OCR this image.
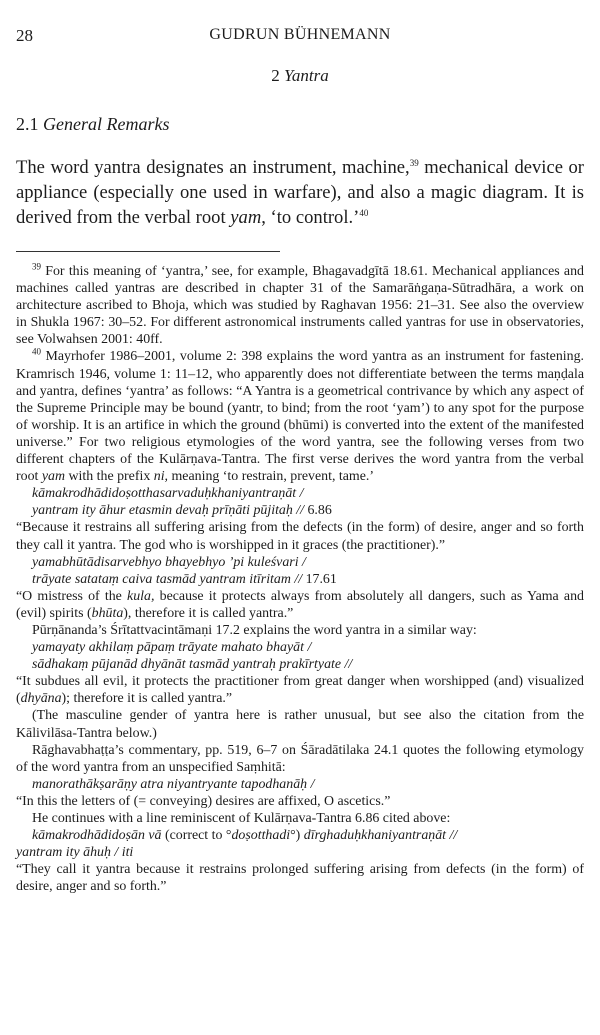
28	GUDRUN BÜHNEMANN
2 Yantra
2.1 General Remarks

The word yantra designates an instrument, machine,$^{39}$ mechanical device or appliance (especially one used in warfare), and also a magic diagram. It is derived from the verbal root yam, ‘to control.’$^{40}$

$^{39}$ For this meaning of ‘yantra,’ see, for example, Bhagavadgītā 18.61. Mechanical appliances and machines called yantras are described in chapter 31 of the Samarāṅgaṇa-Sūtradhāra, a work on architecture ascribed to Bhoja, which was studied by Raghavan 1956: 21–31. See also the overview in Shukla 1967: 30–52. For different astronomical instruments called yantras for use in observatories, see Volwahsen 2001: 40ff.

$^{40}$ Mayrhofer 1986–2001, volume 2: 398 explains the word yantra as an instrument for fastening. Kramrisch 1946, volume 1: 11–12, who apparently does not differentiate between the terms maṇḍala and yantra, defines ‘yantra’ as follows: “A Yantra is a geometrical contrivance by which any aspect of the Supreme Principle may be bound (yantr, to bind; from the root ‘yam’) to any spot for the purpose of worship. It is an artifice in which the ground (bhūmi) is converted into the extent of the manifested universe.” For two religious etymologies of the word yantra, see the following verses from two different chapters of the Kulārṇava-Tantra. The first verse derives the word yantra from the verbal root yam with the prefix ni, meaning ‘to restrain, prevent, tame.’

kāmakrodhādidoṣotthasarvaduḥkhaniyantraṇāt /
yantram ity āhur etasmin devaḥ prīṇāti pūjitaḥ // 6.86

“Because it restrains all suffering arising from the defects (in the form) of desire, anger and so forth they call it yantra. The god who is worshipped in it graces (the practitioner).”

yamabhūtādisarvebhyo bhayebhyo ’pi kuleśvari /
trāyate satataṃ caiva tasmād yantram itīritam // 17.61

“O mistress of the kula, because it protects always from absolutely all dangers, such as Yama and (evil) spirits (bhūta), therefore it is called yantra.”

Pūrṇānanda’s Śrītattvacintāmaṇi 17.2 explains the word yantra in a similar way:

yamayaty akhilaṃ pāpaṃ trāyate mahato bhayāt /
sādhakaṃ pūjanād dhyānāt tasmād yantraḥ prakīrtyate //

“It subdues all evil, it protects the practitioner from great danger when worshipped (and) visualized (dhyāna); therefore it is called yantra.”

(The masculine gender of yantra here is rather unusual, but see also the citation from the Kālivilāsa-Tantra below.)

Rāghavabhaṭṭa’s commentary, pp. 519, 6–7 on Śāradātilaka 24.1 quotes the following etymology of the word yantra from an unspecified Saṃhitā:

manorathākṣarāṇy atra niyantryante tapodhanāḥ /

“In this the letters of (= conveying) desires are affixed, O ascetics.”

He continues with a line reminiscent of Kulārṇava-Tantra 6.86 cited above:

kāmakrodhādidoṣān vā (correct to °doṣotthadi°) dīrghaduḥkhaniyantraṇāt //
yantram ity āhuḥ / iti

“They call it yantra because it restrains prolonged suffering arising from defects (in the form) of desire, anger and so forth.”
